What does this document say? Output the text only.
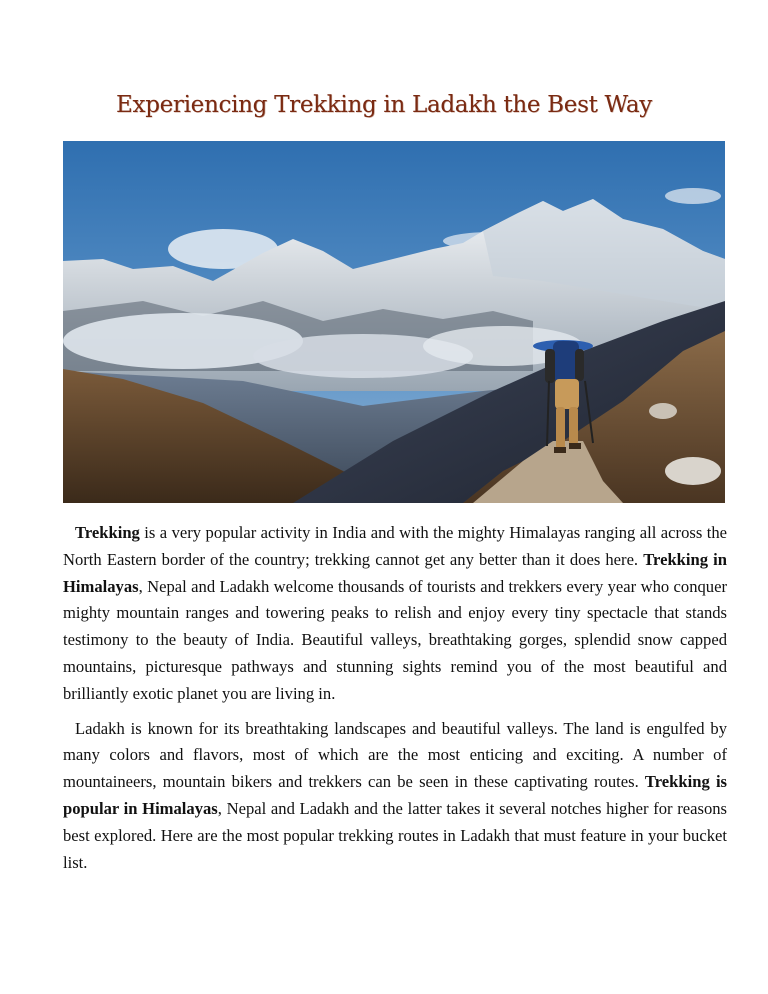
Experiencing Trekking in Ladakh the Best Way

Trekking is a very popular activity in India and with the mighty Himalayas ranging all across the North Eastern border of the country; trekking cannot get any better than it does here. Trekking in Himalayas, Nepal and Ladakh welcome thousands of tourists and trekkers every year who conquer mighty mountain ranges and towering peaks to relish and enjoy every tiny spectacle that stands testimony to the beauty of India. Beautiful valleys, breathtaking gorges, splendid snow capped mountains, picturesque pathways and stunning sights remind you of the most beautiful and brilliantly exotic planet you are living in.

Ladakh is known for its breathtaking landscapes and beautiful valleys. The land is engulfed by many colors and flavors, most of which are the most enticing and exciting. A number of mountaineers, mountain bikers and trekkers can be seen in these captivating routes. Trekking is popular in Himalayas, Nepal and Ladakh and the latter takes it several notches higher for reasons best explored. Here are the most popular trekking routes in Ladakh that must feature in your bucket list.
